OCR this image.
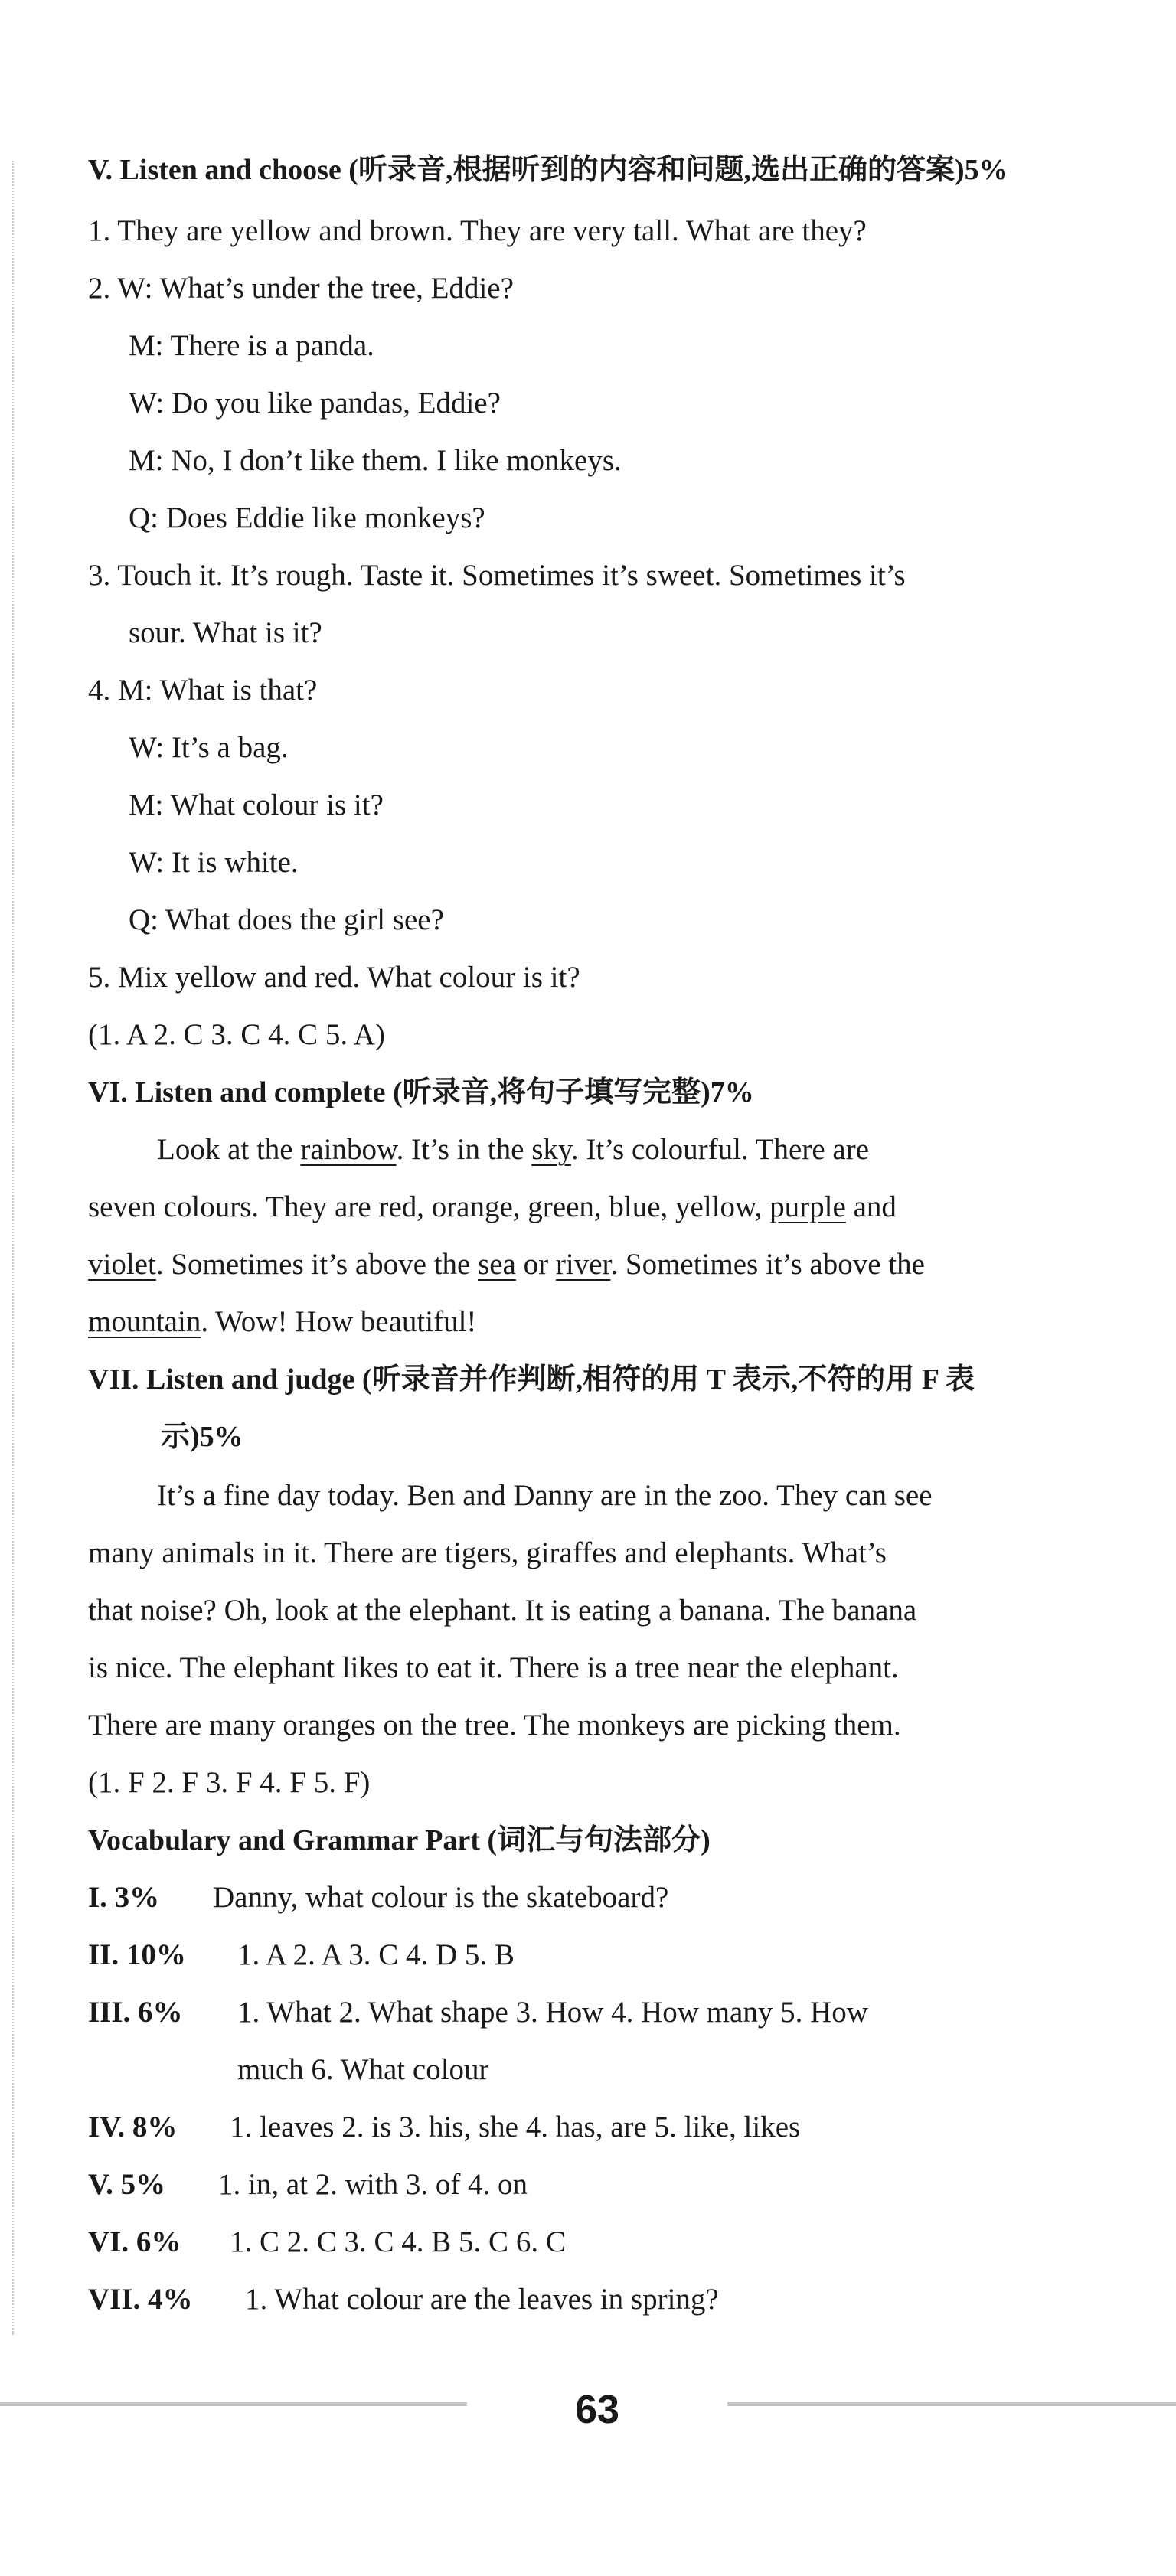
V. Listen and choose (听录音,根据听到的内容和问题,选出正确的答案)5%
1. They are yellow and brown. They are very tall. What are they?
2. W: What’s under the tree, Eddie?
M: There is a panda.
W: Do you like pandas, Eddie?
M: No, I don’t like them. I like monkeys.
Q: Does Eddie like monkeys?
3. Touch it. It’s rough. Taste it. Sometimes it’s sweet. Sometimes it’s
sour. What is it?
4. M: What is that?
W: It’s a bag.
M: What colour is it?
W: It is white.
Q: What does the girl see?
5. Mix yellow and red. What colour is it?
(1. A 2. C 3. C 4. C 5. A)
VI. Listen and complete (听录音,将句子填写完整)7%
Look at the rainbow. It’s in the sky. It’s colourful. There are
seven colours. They are red, orange, green, blue, yellow, purple and
violet. Sometimes it’s above the sea or river. Sometimes it’s above the
mountain. Wow! How beautiful!
VII. Listen and judge (听录音并作判断,相符的用 T 表示,不符的用 F 表
示)5%
It’s a fine day today. Ben and Danny are in the zoo. They can see
many animals in it. There are tigers, giraffes and elephants. What’s
that noise? Oh, look at the elephant. It is eating a banana. The banana
is nice. The elephant likes to eat it. There is a tree near the elephant.
There are many oranges on the tree. The monkeys are picking them.
(1. F 2. F 3. F 4. F 5. F)
Vocabulary and Grammar Part (词汇与句法部分)
I. 3% Danny, what colour is the skateboard?
II. 10% 1. A 2. A 3. C 4. D 5. B
III. 6% 1. What 2. What shape 3. How 4. How many 5. How
much 6. What colour
IV. 8% 1. leaves 2. is 3. his, she 4. has, are 5. like, likes
V. 5% 1. in, at 2. with 3. of 4. on
VI. 6% 1. C 2. C 3. C 4. B 5. C 6. C
VII. 4% 1. What colour are the leaves in spring?
63
